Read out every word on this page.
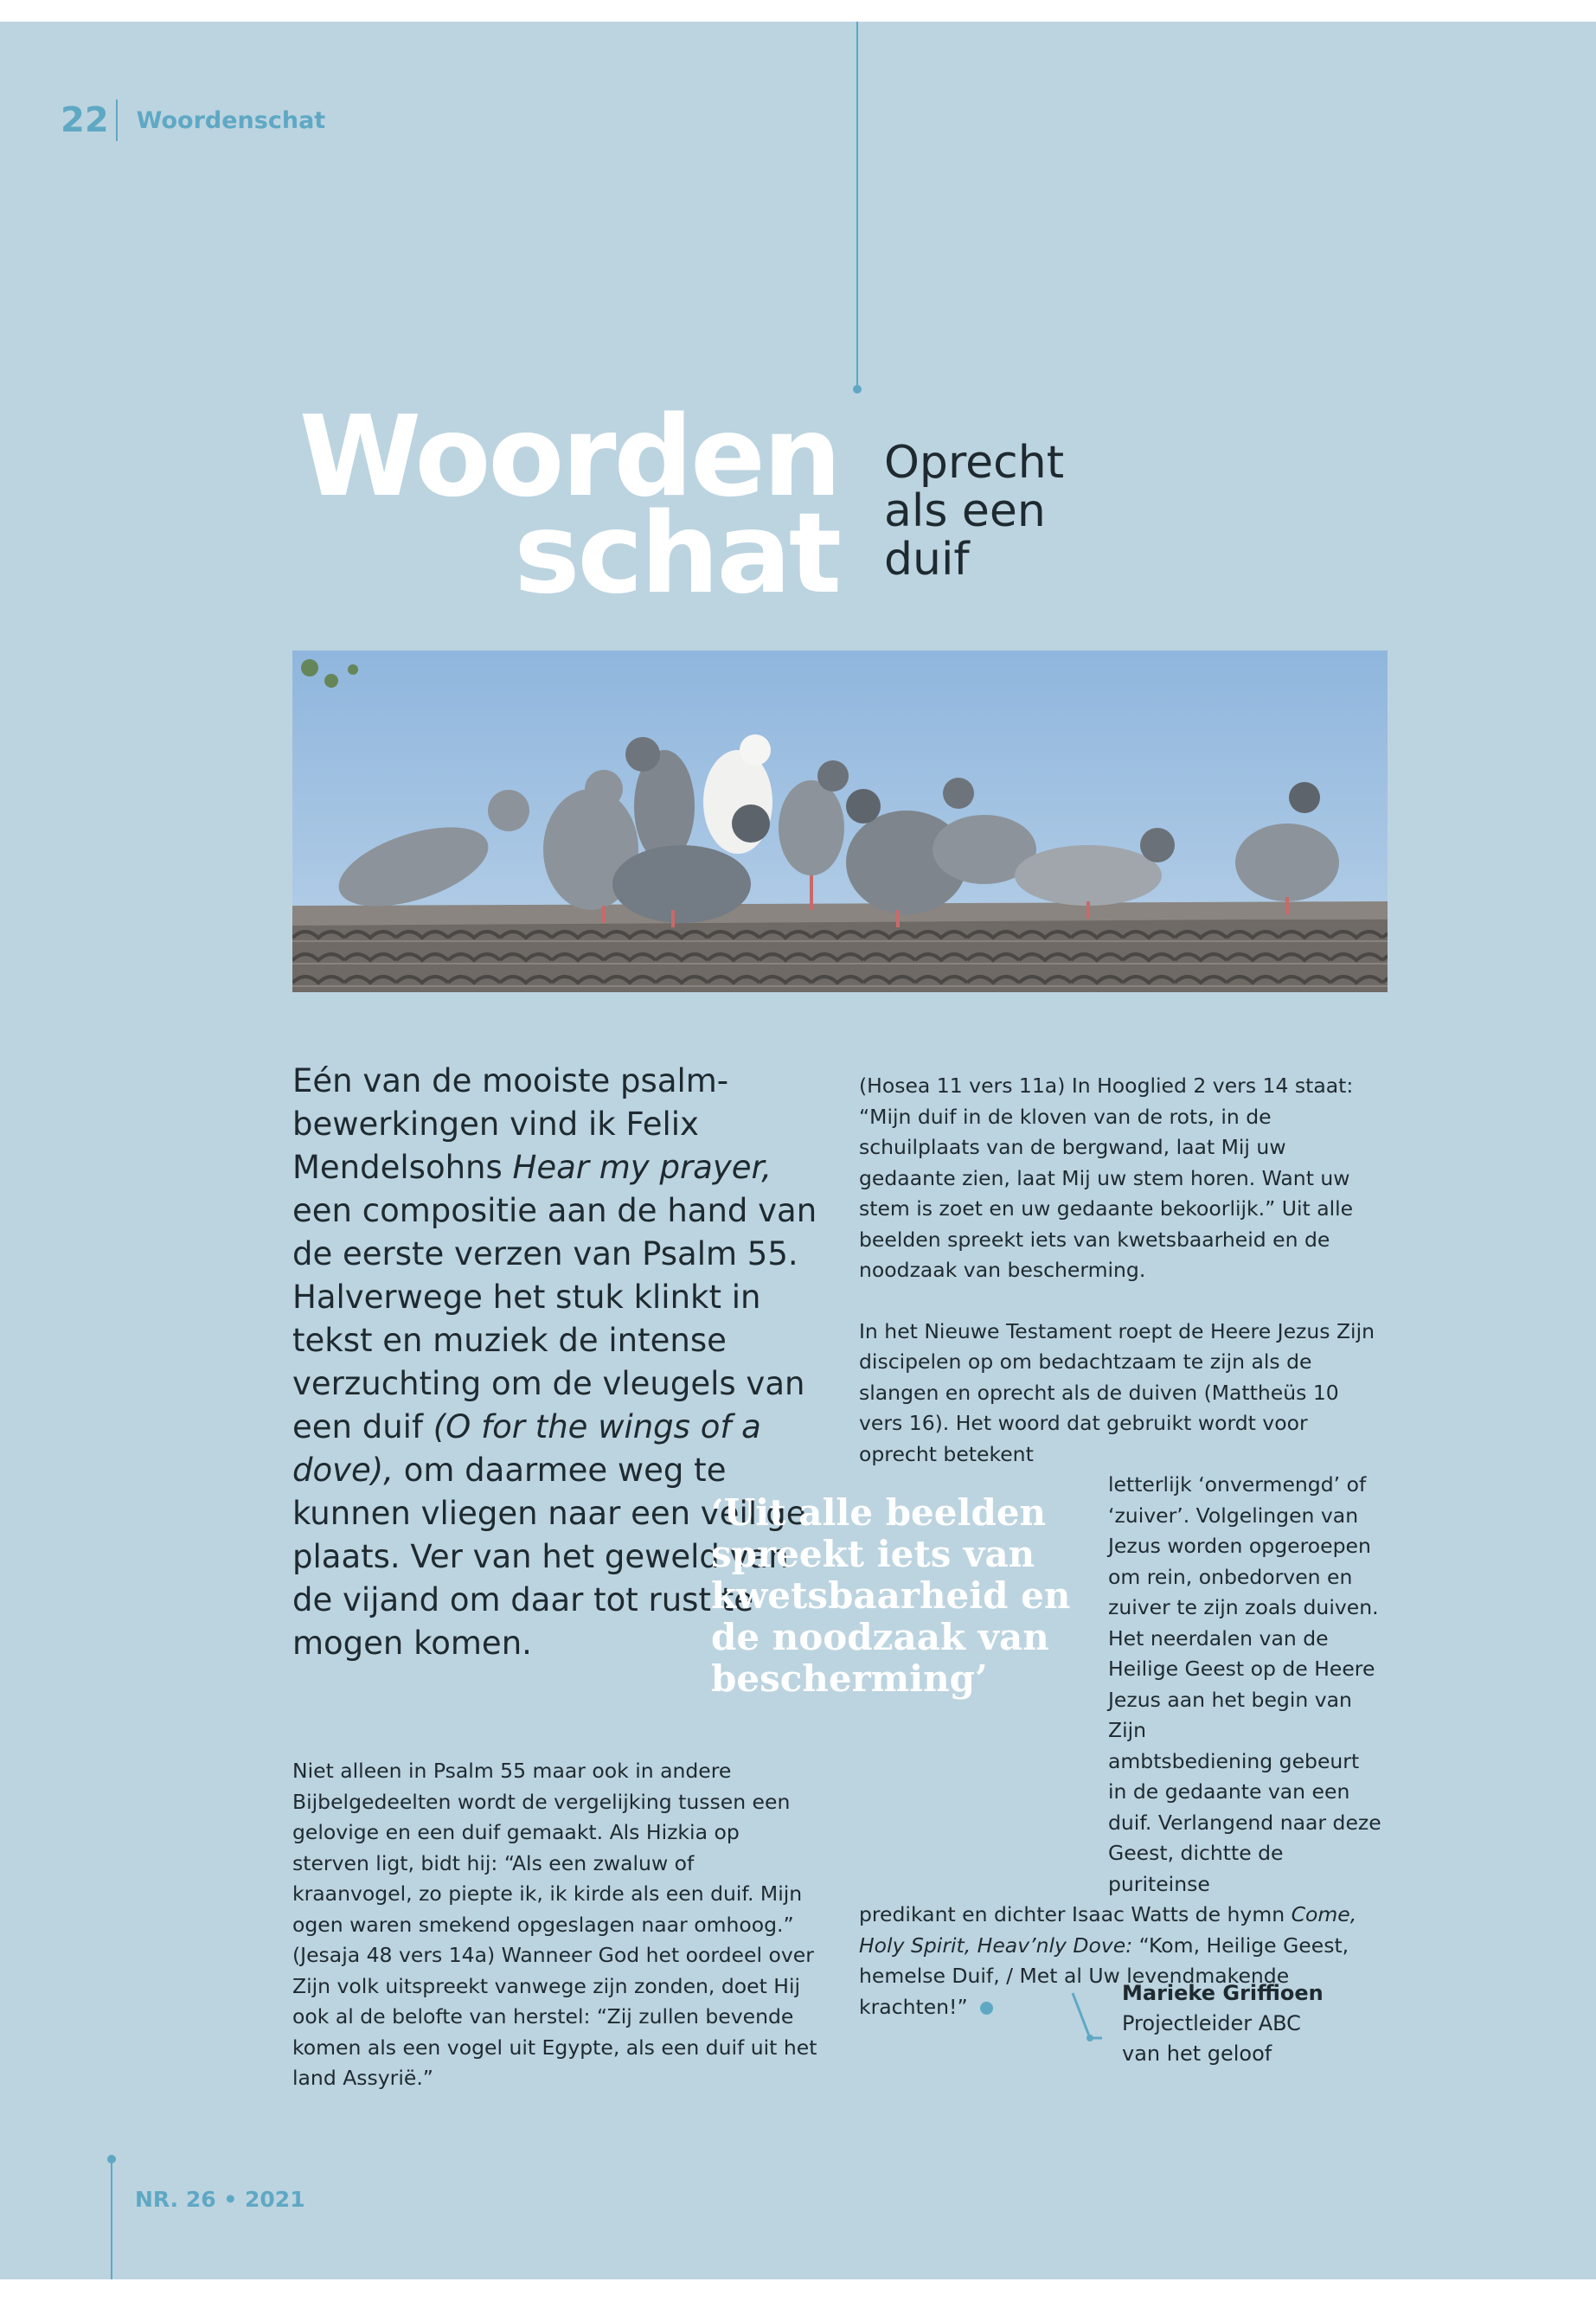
22 Woordenschat
Woorden
schat
Oprecht
als een
duif
Eén van de mooiste psalm-bewerkingen vind ik Felix Mendelsohns Hear my prayer, een compositie aan de hand van de eerste verzen van Psalm 55. Halverwege het stuk klinkt in tekst en muziek de intense verzuchting om de vleugels van een duif (O for the wings of a dove), om daarmee weg te kunnen vliegen naar een veilige plaats. Ver van het geweld van de vijand om daar tot rust te mogen komen.
‘Uit alle beelden spreekt iets van kwetsbaarheid en de noodzaak van bescherming’
Niet alleen in Psalm 55 maar ook in andere Bijbelgedeelten wordt de vergelijking tussen een gelovige en een duif gemaakt. Als Hizkia op sterven ligt, bidt hij: “Als een zwaluw of kraanvogel, zo piepte ik, ik kirde als een duif. Mijn ogen waren smekend opgeslagen naar omhoog.” (Jesaja 48 vers 14a) Wanneer God het oordeel over Zijn volk uitspreekt vanwege zijn zonden, doet Hij ook al de belofte van herstel: “Zij zullen bevende komen als een vogel uit Egypte, als een duif uit het land Assyrië.”

(Hosea 11 vers 11a) In Hooglied 2 vers 14 staat: “Mijn duif in de kloven van de rots, in de schuilplaats van de bergwand, laat Mij uw gedaante zien, laat Mij uw stem horen. Want uw stem is zoet en uw gedaante bekoorlijk.” Uit alle beelden spreekt iets van kwetsbaarheid en de noodzaak van bescherming.

In het Nieuwe Testament roept de Heere Jezus Zijn discipelen op om bedachtzaam te zijn als de slangen en oprecht als de duiven (Mattheüs 10 vers 16). Het woord dat gebruikt wordt voor oprecht betekent
letterlijk ‘onvermengd’ of
‘zuiver’. Volgelingen van
Jezus worden opgeroepen
om rein, onbedorven en
zuiver te zijn zoals duiven.
Het neerdalen van de
Heilige Geest op de Heere
Jezus aan het begin van Zijn
ambtsbediening gebeurt
in de gedaante van een
duif. Verlangend naar deze
Geest, dichtte de puriteinse
predikant en dichter Isaac Watts de hymn Come, Holy Spirit, Heav’nly Dove: “Kom, Heilige Geest, hemelse Duif, / Met al Uw levendmakende krachten!”

Marieke Griffioen
Projectleider ABC
van het geloof
NR. 26 • 2021
